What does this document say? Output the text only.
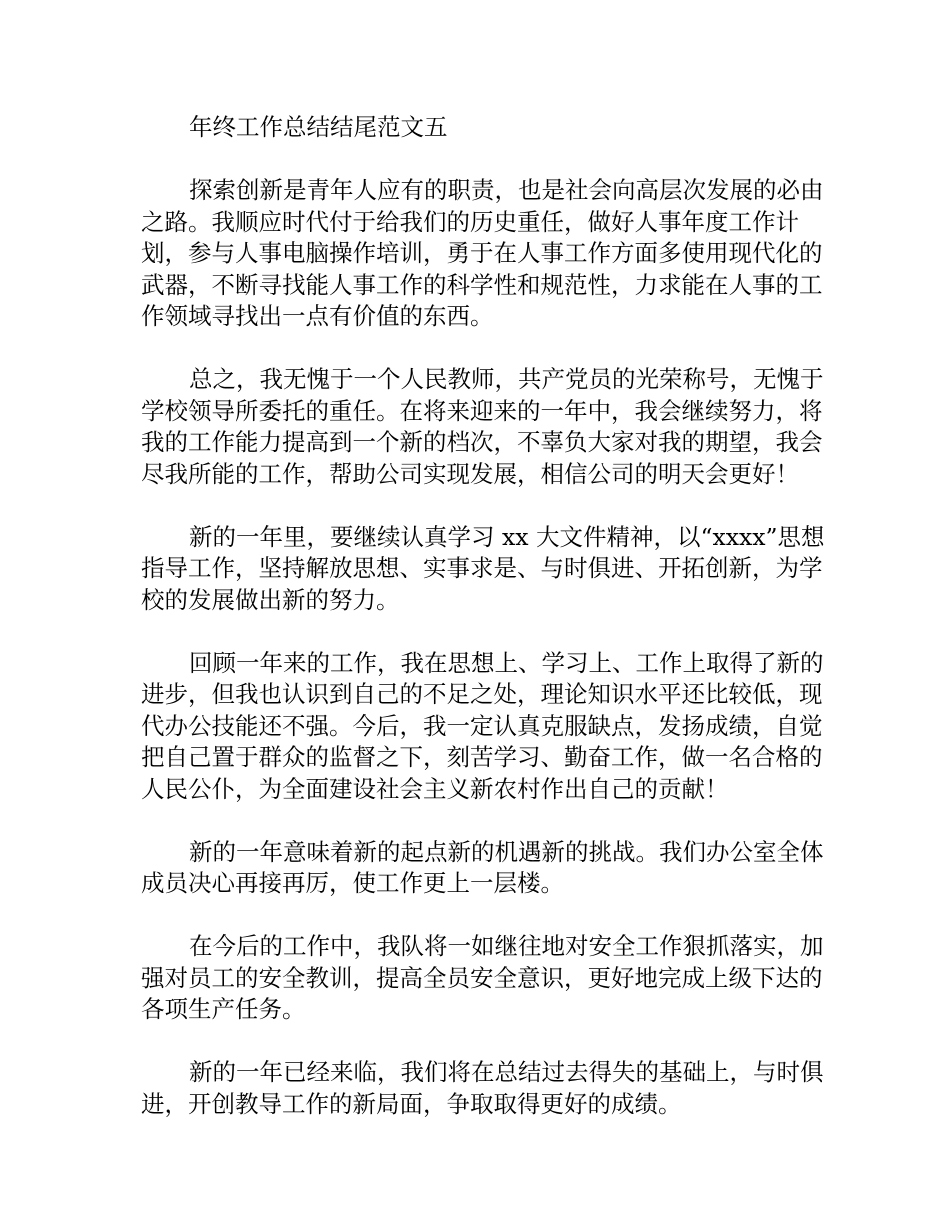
年终工作总结结尾范文五

探索创新是青年人应有的职责，也是社会向高层次发展的必由之路。我顺应时代付于给我们的历史重任，做好人事年度工作计划，参与人事电脑操作培训，勇于在人事工作方面多使用现代化的武器，不断寻找能人事工作的科学性和规范性，力求能在人事的工作领域寻找出一点有价值的东西。

总之，我无愧于一个人民教师，共产党员的光荣称号，无愧于学校领导所委托的重任。在将来迎来的一年中，我会继续努力，将我的工作能力提高到一个新的档次，不辜负大家对我的期望，我会尽我所能的工作，帮助公司实现发展，相信公司的明天会更好！

新的一年里，要继续认真学习 xx 大文件精神，以“xxxx”思想指导工作，坚持解放思想、实事求是、与时俱进、开拓创新，为学校的发展做出新的努力。

回顾一年来的工作，我在思想上、学习上、工作上取得了新的进步，但我也认识到自己的不足之处，理论知识水平还比较低，现代办公技能还不强。今后，我一定认真克服缺点，发扬成绩，自觉把自己置于群众的监督之下，刻苦学习、勤奋工作，做一名合格的人民公仆，为全面建设社会主义新农村作出自己的贡献！

新的一年意味着新的起点新的机遇新的挑战。我们办公室全体成员决心再接再厉，使工作更上一层楼。

在今后的工作中，我队将一如继往地对安全工作狠抓落实，加强对员工的安全教训，提高全员安全意识，更好地完成上级下达的各项生产任务。

新的一年已经来临，我们将在总结过去得失的基础上，与时俱进，开创教导工作的新局面，争取取得更好的成绩。
